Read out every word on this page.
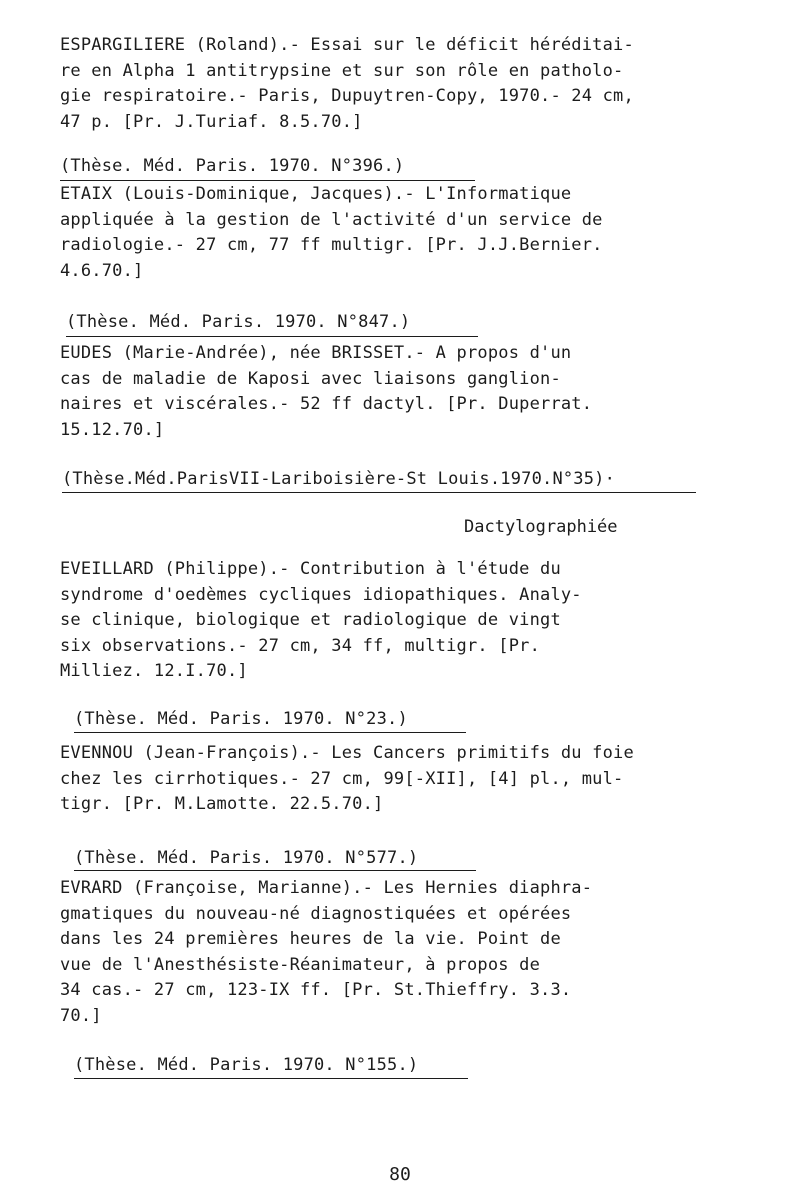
ESPARGILIERE (Roland).- Essai sur le déficit héréditai-
re en Alpha 1 antitrypsine et sur son rôle en patholo-
gie respiratoire.- Paris, Dupuytren-Copy, 1970.- 24 cm,
47 p. [Pr. J.Turiaf. 8.5.70.]
(Thèse. Méd. Paris. 1970. N°396.)
ETAIX (Louis-Dominique, Jacques).- L'Informatique
appliquée à la gestion de l'activité d'un service de
radiologie.- 27 cm, 77 ff multigr. [Pr. J.J.Bernier.
4.6.70.]
(Thèse. Méd. Paris. 1970. N°847.)
EUDES (Marie-Andrée), née BRISSET.- A propos d'un
cas de maladie de Kaposi avec liaisons ganglion-
naires et viscérales.- 52 ff dactyl. [Pr. Duperrat.
15.12.70.]
(Thèse.Méd.ParisVII-Lariboisière-St Louis.1970.N°35)·
Dactylographiée
EVEILLARD (Philippe).- Contribution à l'étude du
syndrome d'oedèmes cycliques idiopathiques. Analy-
se clinique, biologique et radiologique de vingt
six observations.- 27 cm, 34 ff, multigr. [Pr.
Milliez. 12.I.70.]
(Thèse. Méd. Paris. 1970. N°23.)
EVENNOU (Jean-François).- Les Cancers primitifs du foie
chez les cirrhotiques.- 27 cm, 99[-XII], [4] pl., mul-
tigr. [Pr. M.Lamotte. 22.5.70.]
(Thèse. Méd. Paris. 1970. N°577.)
EVRARD (Françoise, Marianne).- Les Hernies diaphra-
gmatiques du nouveau-né diagnostiquées et opérées
dans les 24 premières heures de la vie. Point de
vue de l'Anesthésiste-Réanimateur, à propos de
34 cas.- 27 cm, 123-IX ff. [Pr. St.Thieffry. 3.3.
70.]
(Thèse. Méd. Paris. 1970. N°155.)
80
